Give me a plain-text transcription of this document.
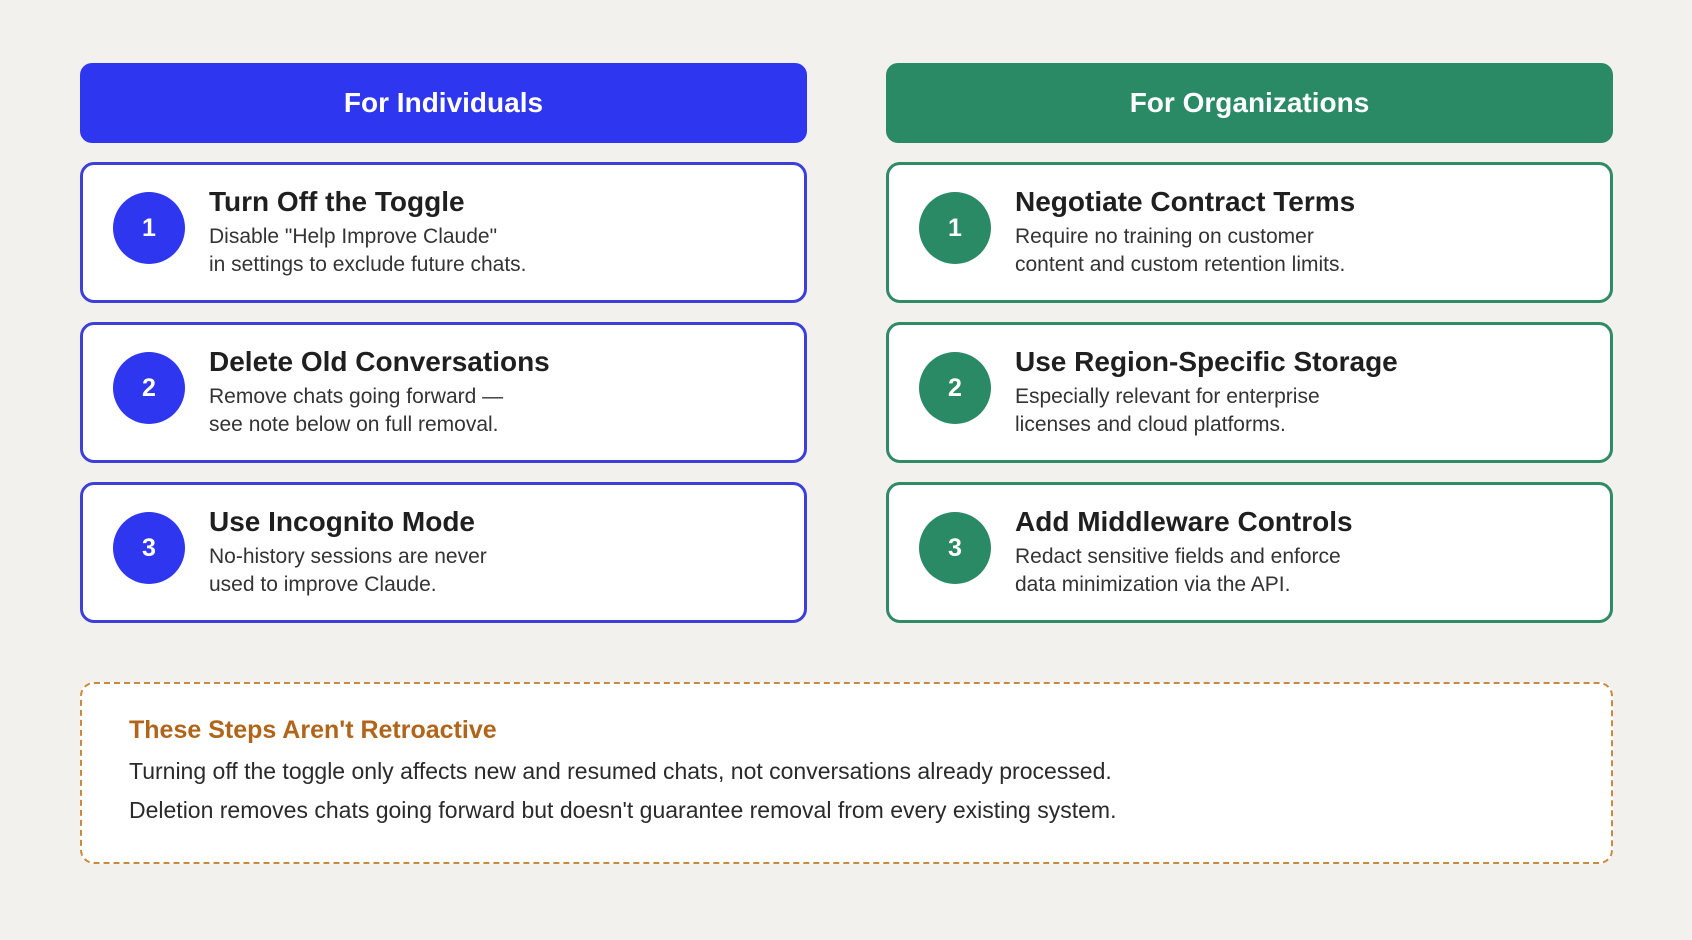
For Individuals
1
Turn Off the Toggle
Disable "Help Improve Claude"
in settings to exclude future chats.
2
Delete Old Conversations
Remove chats going forward —
see note below on full removal.
3
Use Incognito Mode
No-history sessions are never
used to improve Claude.
For Organizations
1
Negotiate Contract Terms
Require no training on customer
content and custom retention limits.
2
Use Region-Specific Storage
Especially relevant for enterprise
licenses and cloud platforms.
3
Add Middleware Controls
Redact sensitive fields and enforce
data minimization via the API.
These Steps Aren't Retroactive
Turning off the toggle only affects new and resumed chats, not conversations already processed.
Deletion removes chats going forward but doesn't guarantee removal from every existing system.
